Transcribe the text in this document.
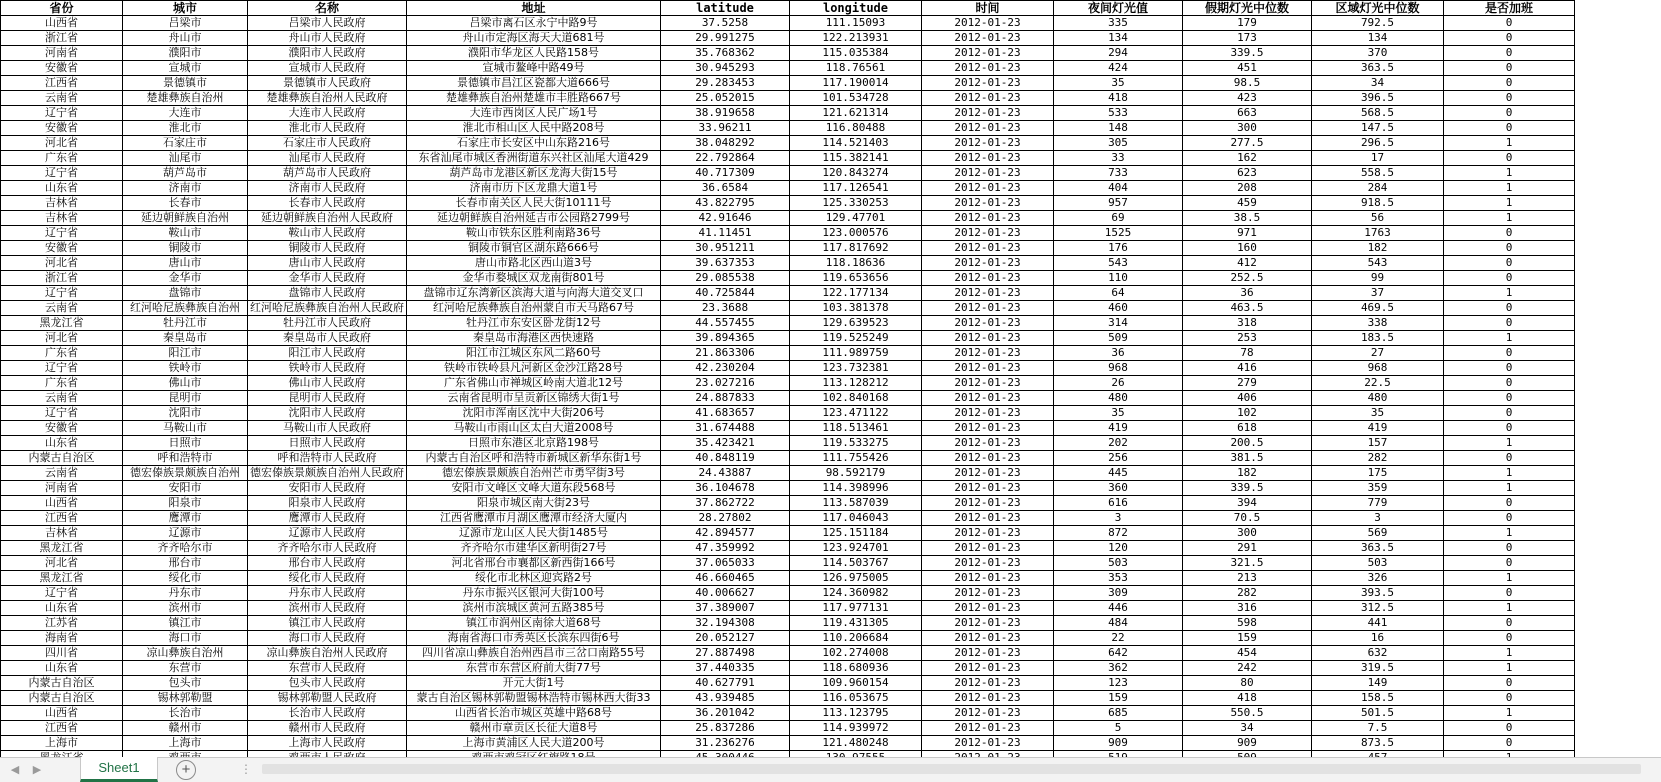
省份	城市	名称	地址	latitude	longitude	时间	夜间灯光值	假期灯光中位数	区域灯光中位数	是否加班
山西省	吕梁市	吕梁市人民政府	吕梁市离石区永宁中路9号	37.5258	111.15093	2012-01-23	335	179	792.5	0
浙江省	舟山市	舟山市人民政府	舟山市定海区海天大道681号	29.991275	122.213931	2012-01-23	134	173	134	0
河南省	濮阳市	濮阳市人民政府	濮阳市华龙区人民路158号	35.768362	115.035384	2012-01-23	294	339.5	370	0
安徽省	宣城市	宣城市人民政府	宣城市鳌峰中路49号	30.945293	118.76561	2012-01-23	424	451	363.5	0
江西省	景德镇市	景德镇市人民政府	景德镇市昌江区瓷都大道666号	29.283453	117.190014	2012-01-23	35	98.5	34	0
云南省	楚雄彝族自治州	楚雄彝族自治州人民政府	楚雄彝族自治州楚雄市丰胜路667号	25.052015	101.534728	2012-01-23	418	423	396.5	0
辽宁省	大连市	大连市人民政府	大连市西岗区人民广场1号	38.919658	121.621314	2012-01-23	533	663	568.5	0
安徽省	淮北市	淮北市人民政府	淮北市相山区人民中路208号	33.96211	116.80488	2012-01-23	148	300	147.5	0
河北省	石家庄市	石家庄市人民政府	石家庄市长安区中山东路216号	38.048292	114.521403	2012-01-23	305	277.5	296.5	1
广东省	汕尾市	汕尾市人民政府	东省汕尾市城区香洲街道东兴社区汕尾大道429	22.792864	115.382141	2012-01-23	33	162	17	0
辽宁省	葫芦岛市	葫芦岛市人民政府	葫芦岛市龙港区新区龙海大街15号	40.717309	120.843274	2012-01-23	733	623	558.5	1
山东省	济南市	济南市人民政府	济南市历下区龙鼎大道1号	36.6584	117.126541	2012-01-23	404	208	284	1
吉林省	长春市	长春市人民政府	长春市南关区人民大街10111号	43.822795	125.330253	2012-01-23	957	459	918.5	1
吉林省	延边朝鲜族自治州	延边朝鲜族自治州人民政府	延边朝鲜族自治州延吉市公园路2799号	42.91646	129.47701	2012-01-23	69	38.5	56	1
辽宁省	鞍山市	鞍山市人民政府	鞍山市铁东区胜利南路36号	41.11451	123.000576	2012-01-23	1525	971	1763	0
安徽省	铜陵市	铜陵市人民政府	铜陵市铜官区湖东路666号	30.951211	117.817692	2012-01-23	176	160	182	0
河北省	唐山市	唐山市人民政府	唐山市路北区西山道3号	39.637353	118.18636	2012-01-23	543	412	543	0
浙江省	金华市	金华市人民政府	金华市婺城区双龙南街801号	29.085538	119.653656	2012-01-23	110	252.5	99	0
辽宁省	盘锦市	盘锦市人民政府	盘锦市辽东湾新区滨海大道与向海大道交叉口	40.725844	122.177134	2012-01-23	64	36	37	1
云南省	红河哈尼族彝族自治州	红河哈尼族彝族自治州人民政府	红河哈尼族彝族自治州蒙自市天马路67号	23.3688	103.381378	2012-01-23	460	463.5	469.5	0
黑龙江省	牡丹江市	牡丹江市人民政府	牡丹江市东安区卧龙街12号	44.557455	129.639523	2012-01-23	314	318	338	0
河北省	秦皇岛市	秦皇岛市人民政府	秦皇岛市海港区西快速路	39.894365	119.525249	2012-01-23	509	253	183.5	1
广东省	阳江市	阳江市人民政府	阳江市江城区东风二路60号	21.863306	111.989759	2012-01-23	36	78	27	0
辽宁省	铁岭市	铁岭市人民政府	铁岭市铁岭县凡河新区金沙江路28号	42.230204	123.732381	2012-01-23	968	416	968	0
广东省	佛山市	佛山市人民政府	广东省佛山市禅城区岭南大道北12号	23.027216	113.128212	2012-01-23	26	279	22.5	0
云南省	昆明市	昆明市人民政府	云南省昆明市呈贡新区锦绣大街1号	24.887833	102.840168	2012-01-23	480	406	480	0
辽宁省	沈阳市	沈阳市人民政府	沈阳市浑南区沈中大街206号	41.683657	123.471122	2012-01-23	35	102	35	0
安徽省	马鞍山市	马鞍山市人民政府	马鞍山市雨山区太白大道2008号	31.674488	118.513461	2012-01-23	419	618	419	0
山东省	日照市	日照市人民政府	日照市东港区北京路198号	35.423421	119.533275	2012-01-23	202	200.5	157	1
内蒙古自治区	呼和浩特市	呼和浩特市人民政府	内蒙古自治区呼和浩特市新城区新华东街1号	40.848119	111.755426	2012-01-23	256	381.5	282	0
云南省	德宏傣族景颇族自治州	德宏傣族景颇族自治州人民政府	德宏傣族景颇族自治州芒市勇罕街3号	24.43887	98.592179	2012-01-23	445	182	175	1
河南省	安阳市	安阳市人民政府	安阳市文峰区文峰大道东段568号	36.104678	114.398996	2012-01-23	360	339.5	359	1
山西省	阳泉市	阳泉市人民政府	阳泉市城区南大街23号	37.862722	113.587039	2012-01-23	616	394	779	0
江西省	鹰潭市	鹰潭市人民政府	江西省鹰潭市月湖区鹰潭市经济大厦内	28.27802	117.046043	2012-01-23	3	70.5	3	0
吉林省	辽源市	辽源市人民政府	辽源市龙山区人民大街1485号	42.894577	125.151184	2012-01-23	872	300	569	1
黑龙江省	齐齐哈尔市	齐齐哈尔市人民政府	齐齐哈尔市建华区新明街27号	47.359992	123.924701	2012-01-23	120	291	363.5	0
河北省	邢台市	邢台市人民政府	河北省邢台市襄都区新西街166号	37.065033	114.503767	2012-01-23	503	321.5	503	0
黑龙江省	绥化市	绥化市人民政府	绥化市北林区迎宾路2号	46.660465	126.975005	2012-01-23	353	213	326	1
辽宁省	丹东市	丹东市人民政府	丹东市振兴区银河大街100号	40.006627	124.360982	2012-01-23	309	282	393.5	0
山东省	滨州市	滨州市人民政府	滨州市滨城区黄河五路385号	37.389007	117.977131	2012-01-23	446	316	312.5	1
江苏省	镇江市	镇江市人民政府	镇江市润州区南徐大道68号	32.194308	119.431305	2012-01-23	484	598	441	0
海南省	海口市	海口市人民政府	海南省海口市秀英区长滨东四街6号	20.052127	110.206684	2012-01-23	22	159	16	0
四川省	凉山彝族自治州	凉山彝族自治州人民政府	四川省凉山彝族自治州西昌市三岔口南路55号	27.887498	102.274008	2012-01-23	642	454	632	1
山东省	东营市	东营市人民政府	东营市东营区府前大街77号	37.440335	118.680936	2012-01-23	362	242	319.5	1
内蒙古自治区	包头市	包头市人民政府	开元大街1号	40.627791	109.960154	2012-01-23	123	80	149	0
内蒙古自治区	锡林郭勒盟	锡林郭勒盟人民政府	蒙古自治区锡林郭勒盟锡林浩特市锡林西大街33	43.939485	116.053675	2012-01-23	159	418	158.5	0
山西省	长治市	长治市人民政府	山西省长治市城区英雄中路68号	36.201042	113.123795	2012-01-23	685	550.5	501.5	1
江西省	赣州市	赣州市人民政府	赣州市章贡区长征大道8号	25.837286	114.939972	2012-01-23	5	34	7.5	0
上海市	上海市	上海市人民政府	上海市黄浦区人民大道200号	31.236276	121.480248	2012-01-23	909	909	873.5	0

◀ ▶	Sheet1	+	⋮
